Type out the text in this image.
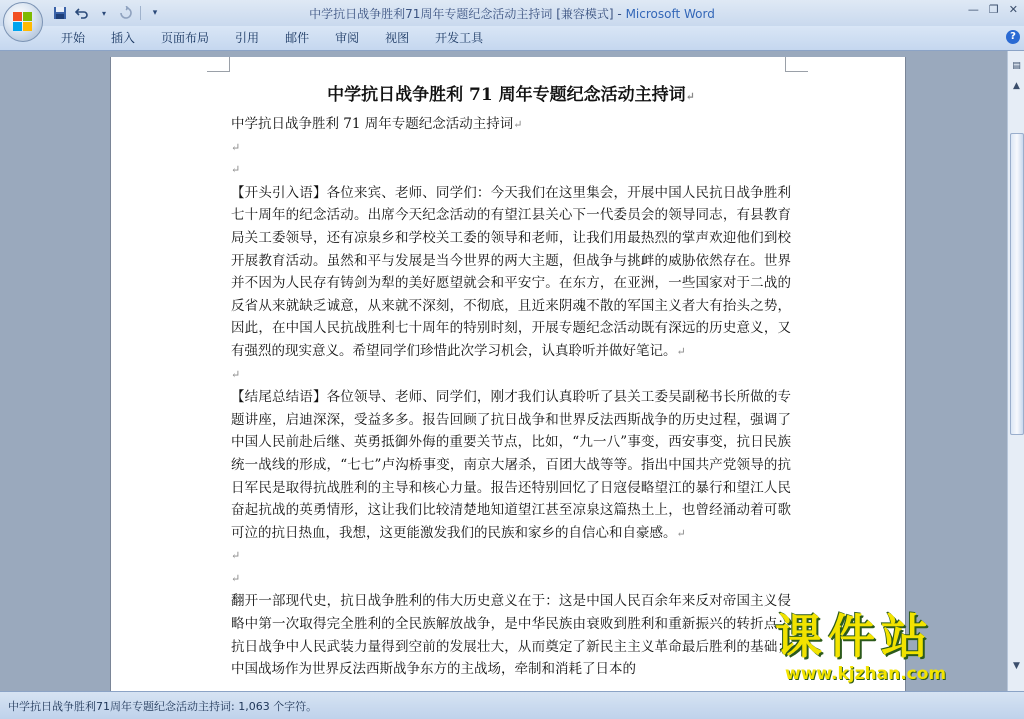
▾	▾	中学抗日战争胜利71周年专题纪念活动主持词 [兼容模式] - Microsoft Word	— ❐ ✕
开始	插入	页面布局	引用	邮件	审阅	视图	开发工具	?
中学抗日战争胜利 71 周年专题纪念活动主持词↵

中学抗日战争胜利 71 周年专题纪念活动主持词↵

↵
↵

【开头引入语】各位来宾、老师、同学们：今天我们在这里集会，开展中国人民抗日战争胜利七十周年的纪念活动。出席今天纪念活动的有望江县关心下一代委员会的领导同志，有县教育局关工委领导，还有凉泉乡和学校关工委的领导和老师，让我们用最热烈的掌声欢迎他们到校开展教育活动。虽然和平与发展是当今世界的两大主题，但战争与挑衅的威胁依然存在。世界并不因为人民存有铸剑为犁的美好愿望就会和平安宁。在东方，在亚洲，一些国家对于二战的反省从来就缺乏诚意，从来就不深刻，不彻底，且近来阴魂不散的军国主义者大有抬头之势，因此，在中国人民抗战胜利七十周年的特别时刻，开展专题纪念活动既有深远的历史意义，又有强烈的现实意义。希望同学们珍惜此次学习机会，认真聆听并做好笔记。↵

↵

【结尾总结语】各位领导、老师、同学们，刚才我们认真聆听了县关工委吴副秘书长所做的专题讲座，启迪深深，受益多多。报告回顾了抗日战争和世界反法西斯战争的历史过程，强调了中国人民前赴后继、英勇抵御外侮的重要关节点，比如，“九一八”事变，西安事变，抗日民族统一战线的形成，“七七”卢沟桥事变，南京大屠杀，百团大战等等。指出中国共产党领导的抗日军民是取得抗战胜利的主导和核心力量。报告还特别回忆了日寇侵略望江的暴行和望江人民奋起抗战的英勇情形，这让我们比较清楚地知道望江甚至凉泉这篇热土上，也曾经涌动着可歌可泣的抗日热血，我想，这更能激发我们的民族和家乡的自信心和自豪感。↵

↵
↵

翻开一部现代史，抗日战争胜利的伟大历史意义在于：这是中国人民百余年来反对帝国主义侵略中第一次取得完全胜利的全民族解放战争，是中华民族由衰败到胜利和重新振兴的转折点；抗日战争中人民武装力量得到空前的发展壮大，从而奠定了新民主主义革命最后胜利的基础；中国战场作为世界反法西斯战争东方的主战场，牵制和消耗了日本的

▤
▲
▼
中学抗日战争胜利71周年专题纪念活动主持词: 1,063 个字符。
课件站
www.kjzhan.com
